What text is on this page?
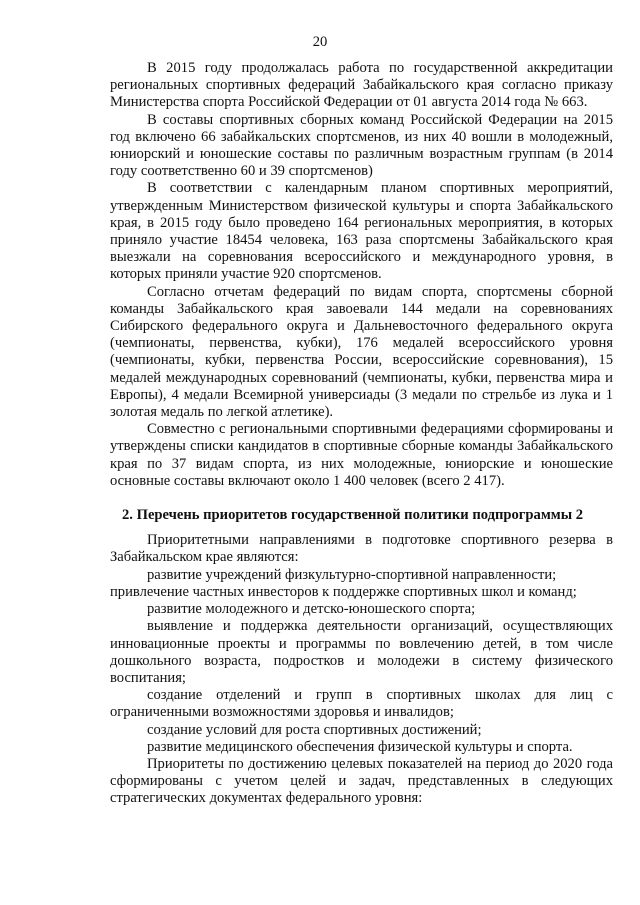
20

В 2015 году продолжалась работа по государственной аккредитации региональных спортивных федераций Забайкальского края согласно приказу Министерства спорта Российской Федерации от 01 августа 2014 года № 663.

В составы спортивных сборных команд Российской Федерации на 2015 год включено 66 забайкальских спортсменов, из них 40 вошли в молодежный, юниорский и юношеские составы по различным возрастным группам (в 2014 году соответственно 60 и 39 спортсменов)

В соответствии с календарным планом спортивных мероприятий, утвержденным Министерством физической культуры и спорта Забайкальского края, в 2015 году было проведено 164 региональных мероприятия, в которых приняло участие 18454 человека, 163 раза спортсмены Забайкальского края выезжали на соревнования всероссийского и международного уровня, в которых приняли участие 920 спортсменов.

Согласно отчетам федераций по видам спорта, спортсмены сборной команды Забайкальского края завоевали 144 медали на соревнованиях Сибирского федерального округа и Дальневосточного федерального округа (чемпионаты, первенства, кубки), 176 медалей всероссийского уровня (чемпионаты, кубки, первенства России, всероссийские соревнования), 15 медалей международных соревнований (чемпионаты, кубки, первенства мира и Европы), 4 медали Всемирной универсиады (3 медали по стрельбе из лука и 1 золотая медаль по легкой атлетике).

Совместно с региональными спортивными федерациями сформированы и утверждены списки кандидатов в спортивные сборные команды Забайкальского края по 37 видам спорта, из них молодежные, юниорские и юношеские основные составы включают около 1 400 человек (всего 2 417).

2. Перечень приоритетов государственной политики подпрограммы 2

Приоритетными направлениями в подготовке спортивного резерва в Забайкальском крае являются:

развитие учреждений физкультурно-спортивной направленности;

привлечение частных инвесторов к поддержке спортивных школ и команд;

развитие молодежного и детско-юношеского спорта;

выявление и поддержка деятельности организаций, осуществляющих инновационные проекты и программы по вовлечению детей, в том числе дошкольного возраста, подростков и молодежи в систему физического воспитания;

создание отделений и групп в спортивных школах для лиц с ограниченными возможностями здоровья и инвалидов;

создание условий для роста спортивных достижений;

развитие медицинского обеспечения физической культуры и спорта.

Приоритеты по достижению целевых показателей на период до 2020 года сформированы с учетом целей и задач, представленных в следующих стратегических документах федерального уровня:
